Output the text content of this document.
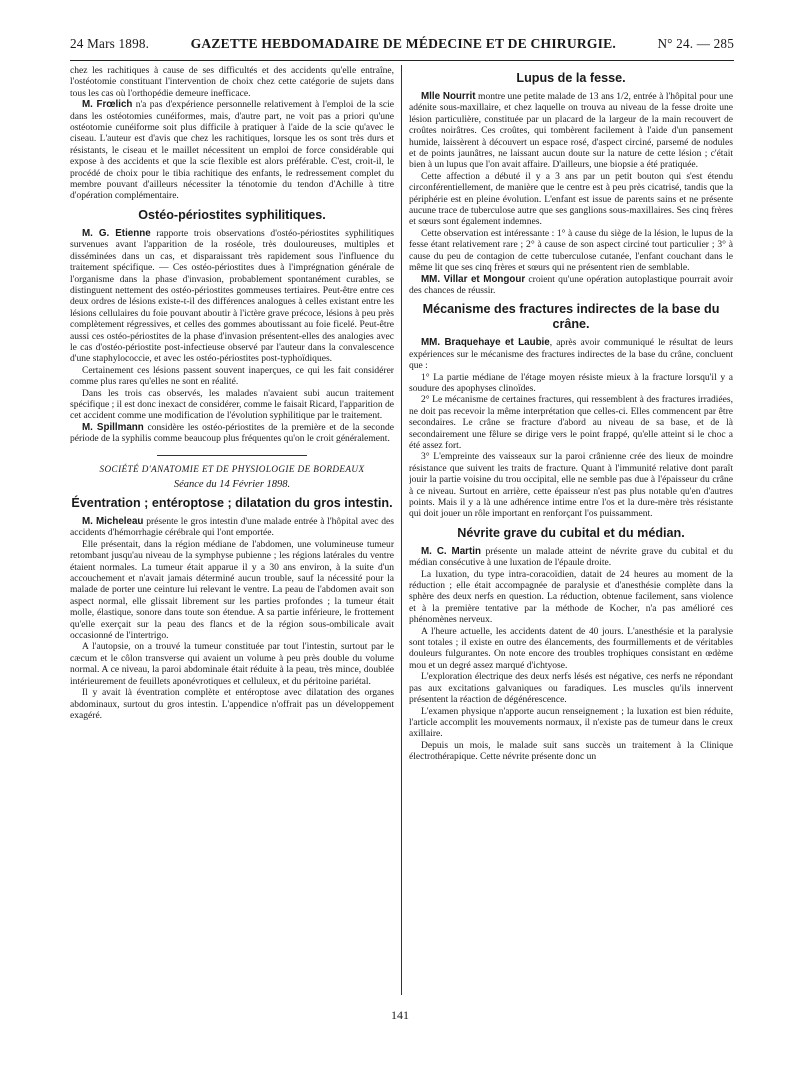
24 Mars 1898.	GAZETTE HEBDOMADAIRE DE MÉDECINE ET DE CHIRURGIE.	N° 24. — 285

chez les rachitiques à cause de ses difficultés et des accidents qu'elle entraîne, l'ostéotomie constituant l'intervention de choix chez cette catégorie de sujets dans tous les cas où l'orthopédie demeure inefficace.

M. Frœlich n'a pas d'expérience personnelle relativement à l'emploi de la scie dans les ostéotomies cunéiformes, mais, d'autre part, ne voit pas a priori qu'une ostéotomie cunéiforme soit plus difficile à pratiquer à l'aide de la scie qu'avec le ciseau. L'auteur est d'avis que chez les rachitiques, lorsque les os sont très durs et résistants, le ciseau et le maillet nécessitent un emploi de force considérable qui expose à des accidents et que la scie flexible est alors préférable. C'est, croit-il, le procédé de choix pour le tibia rachitique des enfants, le redressement complet du membre pouvant d'ailleurs nécessiter la ténotomie du tendon d'Achille à titre d'opération complémentaire.

Ostéo-périostites syphilitiques.

M. G. Etienne rapporte trois observations d'ostéo-périostites syphilitiques survenues avant l'apparition de la roséole, très douloureuses, multiples et disséminées dans un cas, et disparaissant très rapidement sous l'influence du traitement spécifique. — Ces ostéo-périostites dues à l'imprégnation générale de l'organisme dans la phase d'invasion, probablement spontanément curables, se distinguent nettement des ostéo-périostites gommeuses tertiaires. Peut-être entre ces deux ordres de lésions existe-t-il des différences analogues à celles existant entre les lésions cellulaires du foie pouvant aboutir à l'ictère grave précoce, lésions à peu près complètement régressives, et celles des gommes aboutissant au foie ficelé. Peut-être aussi ces ostéo-périostites de la phase d'invasion présentent-elles des analogies avec le cas d'ostéo-périostite post-infectieuse observé par l'auteur dans la convalescence d'une staphylococcie, et avec les ostéo-périostites post-typhoïdiques.

Certainement ces lésions passent souvent inaperçues, ce qui les fait considérer comme plus rares qu'elles ne sont en réalité.

Dans les trois cas observés, les malades n'avaient subi aucun traitement spécifique ; il est donc inexact de considérer, comme le faisait Ricard, l'apparition de cet accident comme une modification de l'évolution syphilitique par le traitement.

M. Spillmann considère les ostéo-périostites de la première et de la seconde période de la syphilis comme beaucoup plus fréquentes qu'on le croit généralement.

SOCIÉTÉ D'ANATOMIE ET DE PHYSIOLOGIE DE BORDEAUX
Séance du 14 Février 1898.
Éventration ; entéroptose ; dilatation du gros intestin.

M. Micheleau présente le gros intestin d'une malade entrée à l'hôpital avec des accidents d'hémorrhagie cérébrale qui l'ont emportée.

Elle présentait, dans la région médiane de l'abdomen, une volumineuse tumeur retombant jusqu'au niveau de la symphyse pubienne ; les régions latérales du ventre étaient normales. La tumeur était apparue il y a 30 ans environ, à la suite d'un accouchement et n'avait jamais déterminé aucun trouble, sauf la nécessité pour la malade de porter une ceinture lui relevant le ventre. La peau de l'abdomen avait son aspect normal, elle glissait librement sur les parties profondes ; la tumeur était molle, élastique, sonore dans toute son étendue. A sa partie inférieure, le frottement qu'elle exerçait sur la peau des flancs et de la région sous-ombilicale avait occasionné de l'intertrigo.

A l'autopsie, on a trouvé la tumeur constituée par tout l'intestin, surtout par le cæcum et le côlon transverse qui avaient un volume à peu près double du volume normal. A ce niveau, la paroi abdominale était réduite à la peau, très mince, doublée intérieurement de feuillets aponévrotiques et celluleux, et du péritoine pariétal.

Il y avait là éventration complète et entéroptose avec dilatation des organes abdominaux, surtout du gros intestin. L'appendice n'offrait pas un développement exagéré.

Lupus de la fesse.

Mlle Nourrit montre une petite malade de 13 ans 1/2, entrée à l'hôpital pour une adénite sous-maxillaire, et chez laquelle on trouva au niveau de la fesse droite une lésion particulière, constituée par un placard de la largeur de la main recouvert de croûtes noirâtres. Ces croûtes, qui tombèrent facilement à l'aide d'un pansement humide, laissèrent à découvert un espace rosé, d'aspect circiné, parsemé de nodules et de points jaunâtres, ne laissant aucun doute sur la nature de cette lésion ; c'était bien à un lupus que l'on avait affaire. D'ailleurs, une biopsie a été pratiquée.

Cette affection a débuté il y a 3 ans par un petit bouton qui s'est étendu circonférentiellement, de manière que le centre est à peu près cicatrisé, tandis que la périphérie est en pleine évolution. L'enfant est issue de parents sains et ne présente aucune trace de tuberculose autre que ses ganglions sous-maxillaires. Ses cinq frères et sœurs sont également indemnes.

Cette observation est intéressante : 1° à cause du siège de la lésion, le lupus de la fesse étant relativement rare ; 2° à cause de son aspect circiné tout particulier ; 3° à cause du peu de contagion de cette tuberculose cutanée, l'enfant couchant dans le même lit que ses cinq frères et sœurs qui ne présentent rien de semblable.

MM. Villar et Mongour croient qu'une opération autoplastique pourrait avoir des chances de réussir.

Mécanisme des fractures indirectes de la base du crâne.

MM. Braquehaye et Laubie, après avoir communiqué le résultat de leurs expériences sur le mécanisme des fractures indirectes de la base du crâne, concluent que :

1° La partie médiane de l'étage moyen résiste mieux à la fracture lorsqu'il y a soudure des apophyses clinoïdes.

2° Le mécanisme de certaines fractures, qui ressemblent à des fractures irradiées, ne doit pas recevoir la même interprétation que celles-ci. Elles commencent par être secondaires. Le crâne se fracture d'abord au niveau de sa base, et de là secondairement une fêlure se dirige vers le point frappé, qu'elle atteint si le choc a été assez fort.

3° L'empreinte des vaisseaux sur la paroi crânienne crée des lieux de moindre résistance que suivent les traits de fracture. Quant à l'immunité relative dont paraît jouir la partie voisine du trou occipital, elle ne semble pas due à l'épaisseur du crâne à ce niveau. Surtout en arrière, cette épaisseur n'est pas plus notable qu'en d'autres points. Mais il y a là une adhérence intime entre l'os et la dure-mère très résistante qui doit jouer un rôle important en renforçant l'os puissamment.

Névrite grave du cubital et du médian.

M. C. Martin présente un malade atteint de névrite grave du cubital et du médian consécutive à une luxation de l'épaule droite.

La luxation, du type intra-coracoïdien, datait de 24 heures au moment de la réduction ; elle était accompagnée de paralysie et d'anesthésie complète dans la sphère des deux nerfs en question. La réduction, obtenue facilement, sans violence et à la première tentative par la méthode de Kocher, n'a pas amélioré ces phénomènes nerveux.

A l'heure actuelle, les accidents datent de 40 jours. L'anesthésie et la paralysie sont totales ; il existe en outre des élancements, des fourmillements et de véritables douleurs fulgurantes. On note encore des troubles trophiques consistant en œdème mou et un degré assez marqué d'ichtyose.

L'exploration électrique des deux nerfs lésés est négative, ces nerfs ne répondant pas aux excitations galvaniques ou faradiques. Les muscles qu'ils innervent présentent la réaction de dégénérescence.

L'examen physique n'apporte aucun renseignement ; la luxation est bien réduite, l'article accomplit les mouvements normaux, il n'existe pas de tumeur dans le creux axillaire.

Depuis un mois, le malade suit sans succès un traitement à la Clinique électrothérapique. Cette névrite présente donc un

141
